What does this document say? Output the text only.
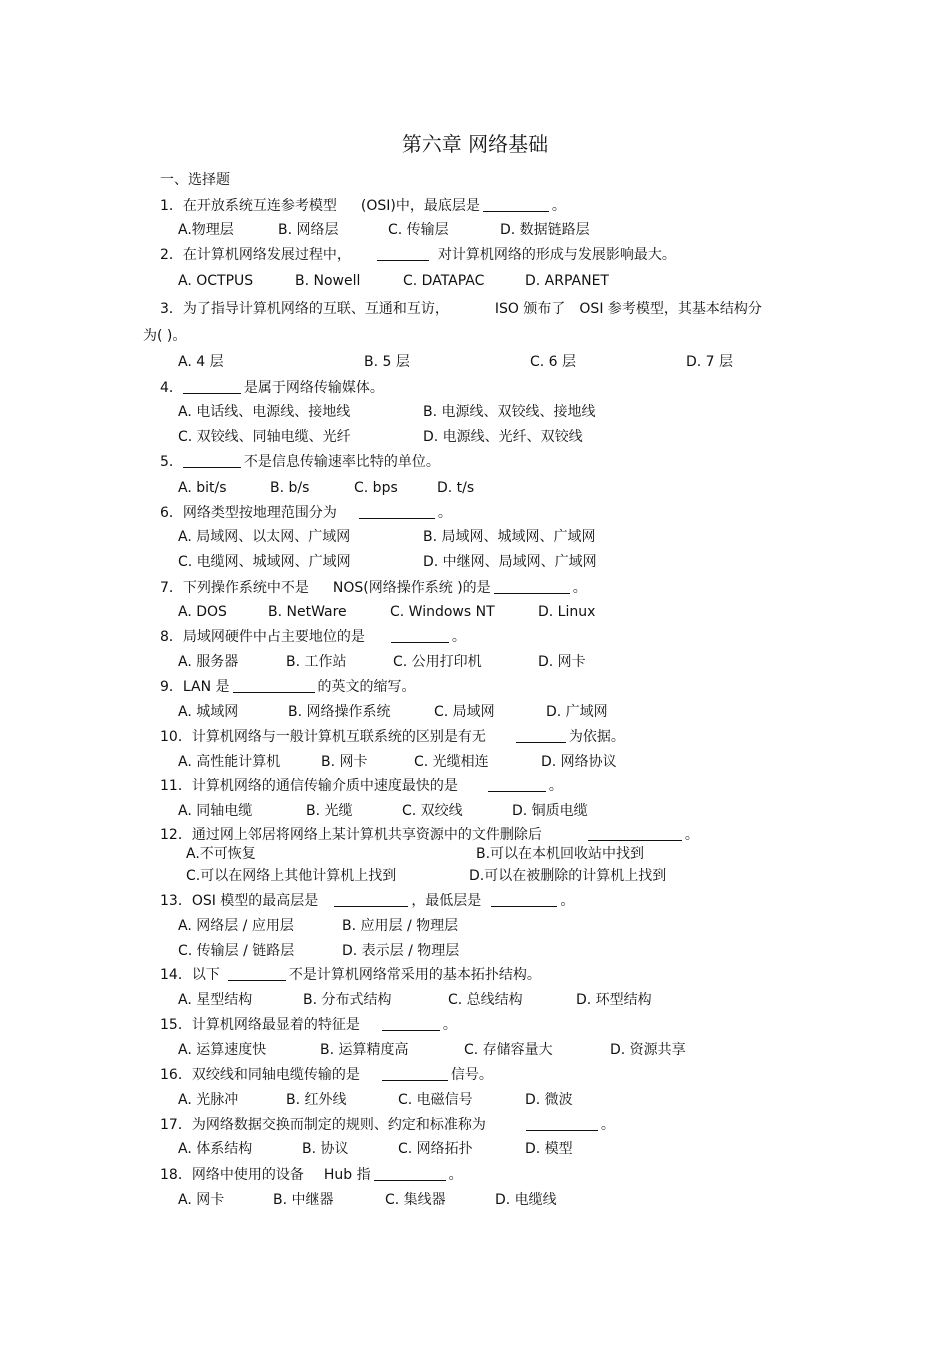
第六章 网络基础
一、选择题
1．在开放系统互连参考模型 (OSI)中，最底层是	。
A.物理层	B. 网络层	C. 传输层	D. 数据链路层
2．在计算机网络发展过程中，	对计算机网络的形成与发展影响最大。
A. OCTPUS	B. Nowell	C. DATAPAC	D. ARPANET
3．为了指导计算机网络的互联、互通和互访，	ISO 颁布了 OSI 参考模型，其基本结构分
为( )。
A. 4 层	B. 5 层	C. 6 层	D. 7 层
4．	是属于网络传输媒体。
A. 电话线、电源线、接地线	B. 电源线、双铰线、接地线
C. 双铰线、同轴电缆、光纤	D. 电源线、光纤、双铰线
5．	不是信息传输速率比特的单位。
A. bit/s	B. b/s	C. bps	D. t/s
6．网络类型按地理范围分为	。
A. 局域网、以太网、广域网	B. 局域网、城域网、广域网
C. 电缆网、城域网、广域网	D. 中继网、局域网、广域网
7．下列操作系统中不是 NOS(网络操作系统 )的是	。
A. DOS	B. NetWare	C. Windows NT	D. Linux
8．局域网硬件中占主要地位的是	。
A. 服务器	B. 工作站	C. 公用打印机	D. 网卡
9．LAN 是	的英文的缩写。
A. 城域网	B. 网络操作系统	C. 局域网	D. 广域网
10．计算机网络与一般计算机互联系统的区别是有无	为依据。
A. 高性能计算机	B. 网卡	C. 光缆相连	D. 网络协议
11．计算机网络的通信传输介质中速度最快的是	。
A. 同轴电缆	B. 光缆	C. 双绞线	D. 铜质电缆
12．通过网上邻居将网络上某计算机共享资源中的文件删除后	。
A.不可恢复	B.可以在本机回收站中找到
C.可以在网络上其他计算机上找到	D.可以在被删除的计算机上找到
13．OSI 模型的最高层是	，最低层是	。
A. 网络层 / 应用层	B. 应用层 / 物理层
C. 传输层 / 链路层	D. 表示层 / 物理层
14．以下	不是计算机网络常采用的基本拓扑结构。
A. 星型结构	B. 分布式结构	C. 总线结构	D. 环型结构
15．计算机网络最显着的特征是	。
A. 运算速度快	B. 运算精度高	C. 存储容量大	D. 资源共享
16．双绞线和同轴电缆传输的是	信号。
A. 光脉冲	B. 红外线	C. 电磁信号	D. 微波
17．为网络数据交换而制定的规则、约定和标准称为	。
A. 体系结构	B. 协议	C. 网络拓扑	D. 模型
18．网络中使用的设备 Hub 指	。
A. 网卡	B. 中继器	C. 集线器	D. 电缆线
